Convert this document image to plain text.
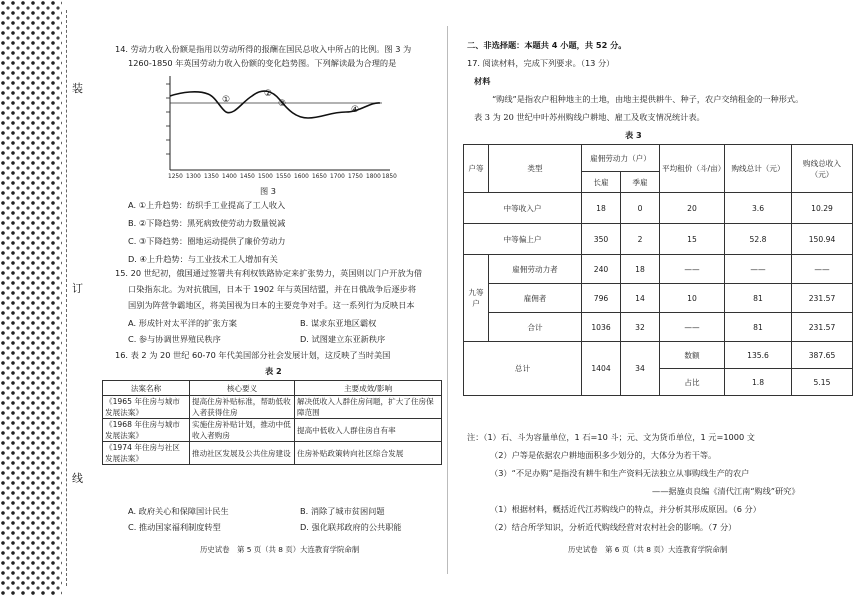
装
订
线
14. 劳动力收入份额是指用以劳动所得的报酬在国民总收入中所占的比例。图 3 为
1260-1850 年英国劳动力收入份额的变化趋势图。下列解读最为合理的是
①
②
③
④
1250 1300 1350 1400 1450 1500 1550 1600 1650 1700 1750 1800 1850
图 3
A. ①上升趋势：纺织手工业提高了工人收入
B. ②下降趋势：黑死病致使劳动力数量锐减
C. ③下降趋势：圈地运动提供了廉价劳动力
D. ④上升趋势：与工业技术工人增加有关
15. 20 世纪初，俄国通过签署共有利权铁路协定来扩张势力，英国则以门户开放为借
口染指东北。为对抗俄国，日本于 1902 年与英国结盟，并在日俄战争后逐步将
国别为阵营争霸地区，将美国视为日本的主要竞争对手。这一系列行为反映日本
A. 形成针对太平洋的扩张方案	B. 谋求东亚地区霸权
C. 参与协调世界殖民秩序	D. 试图建立东亚新秩序
16. 表 2 为 20 世纪 60-70 年代美国部分社会发展计划，这反映了当时美国
表 2
法案名称	核心要义	主要成效/影响
《1965 年住房与城市发展法案》	提高住房补贴标准，帮助低收入者获得住房	解决低收入人群住房问题，扩大了住房保障范围
《1968 年住房与城市发展法案》	实施住房补贴计划，推动中低收入者购房	提高中低收入人群住房自有率
《1974 年住房与社区发展法案》	推动社区发展及公共住房建设	住房补贴政策转向社区综合发展
A. 政府关心和保障国计民生	B. 消除了城市贫困问题
C. 推动国家福利制度转型	D. 强化联邦政府的公共职能
历史试卷　第 5 页（共 8 页）大连教育学院命制
二、非选择题：本题共 4 小题，共 52 分。
17. 阅读材料，完成下列要求。（13 分）
材料
“购线”是指农户租种地主的土地，由地主提供耕牛、种子，农户交纳租金的一种形式。
表 3 为 20 世纪中叶苏州购线户耕地、雇工及收支情况统计表。
表 3
户等	类型	雇佣劳动力（户）		平均租价（斗/亩）	购线总计（元）	购线总收入（元）
		长雇	季雇			
中等收入户		18	0	20	3.6	10.29
中等偏上户		350	2	15	52.8	150.94
九等户	雇佣劳动力者	240	18	——	——	——
	雇佣者	796	14	10	81	231.57
	合计	1036	32	——	81	231.57
总计		1404	34	数额	135.6	387.65
				占比	1.8	5.15
注：（1）石、斗为容量单位，1 石=10 斗；元、文为货币单位，1 元=1000 文
（2）户等是依据农户耕地面积多少划分的，大体分为若干等。
（3）“不足办购”是指没有耕牛和生产资料无法独立从事购线生产的农户
——据施贞良编《清代江南“购线”研究》
（1）根据材料，概括近代江苏购线户的特点，并分析其形成原因。（6 分）
（2）结合所学知识，分析近代购线经营对农村社会的影响。（7 分）
历史试卷　第 6 页（共 8 页）大连教育学院命制
